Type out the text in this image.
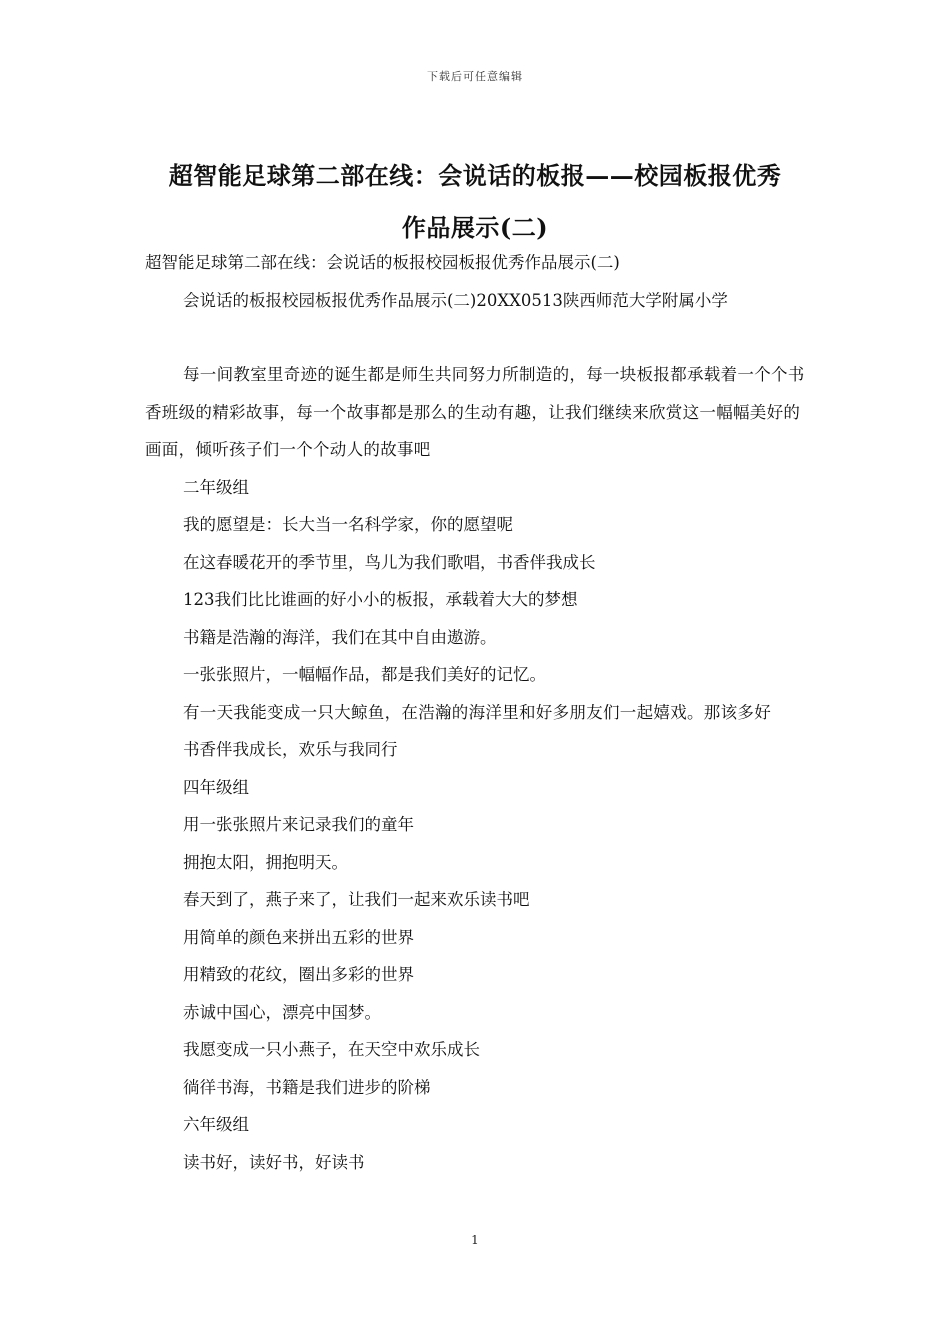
下载后可任意编辑
超智能足球第二部在线：会说话的板报——校园板报优秀
作品展示(二)

超智能足球第二部在线：会说话的板报校园板报优秀作品展示(二)

会说话的板报校园板报优秀作品展示(二)20XX0513陕西师范大学附属小学

每一间教室里奇迹的诞生都是师生共同努力所制造的，每一块板报都承载着一个个书香班级的精彩故事，每一个故事都是那么的生动有趣，让我们继续来欣赏这一幅幅美好的画面，倾听孩子们一个个动人的故事吧

二年级组

我的愿望是：长大当一名科学家，你的愿望呢

在这春暖花开的季节里，鸟儿为我们歌唱，书香伴我成长

123我们比比谁画的好小小的板报，承载着大大的梦想

书籍是浩瀚的海洋，我们在其中自由遨游。

一张张照片，一幅幅作品，都是我们美好的记忆。

有一天我能变成一只大鲸鱼，在浩瀚的海洋里和好多朋友们一起嬉戏。那该多好

书香伴我成长，欢乐与我同行

四年级组

用一张张照片来记录我们的童年

拥抱太阳，拥抱明天。

春天到了，燕子来了，让我们一起来欢乐读书吧

用简单的颜色来拼出五彩的世界

用精致的花纹，圈出多彩的世界

赤诚中国心，漂亮中国梦。

我愿变成一只小燕子，在天空中欢乐成长

徜徉书海，书籍是我们进步的阶梯

六年级组

读书好，读好书，好读书

1
